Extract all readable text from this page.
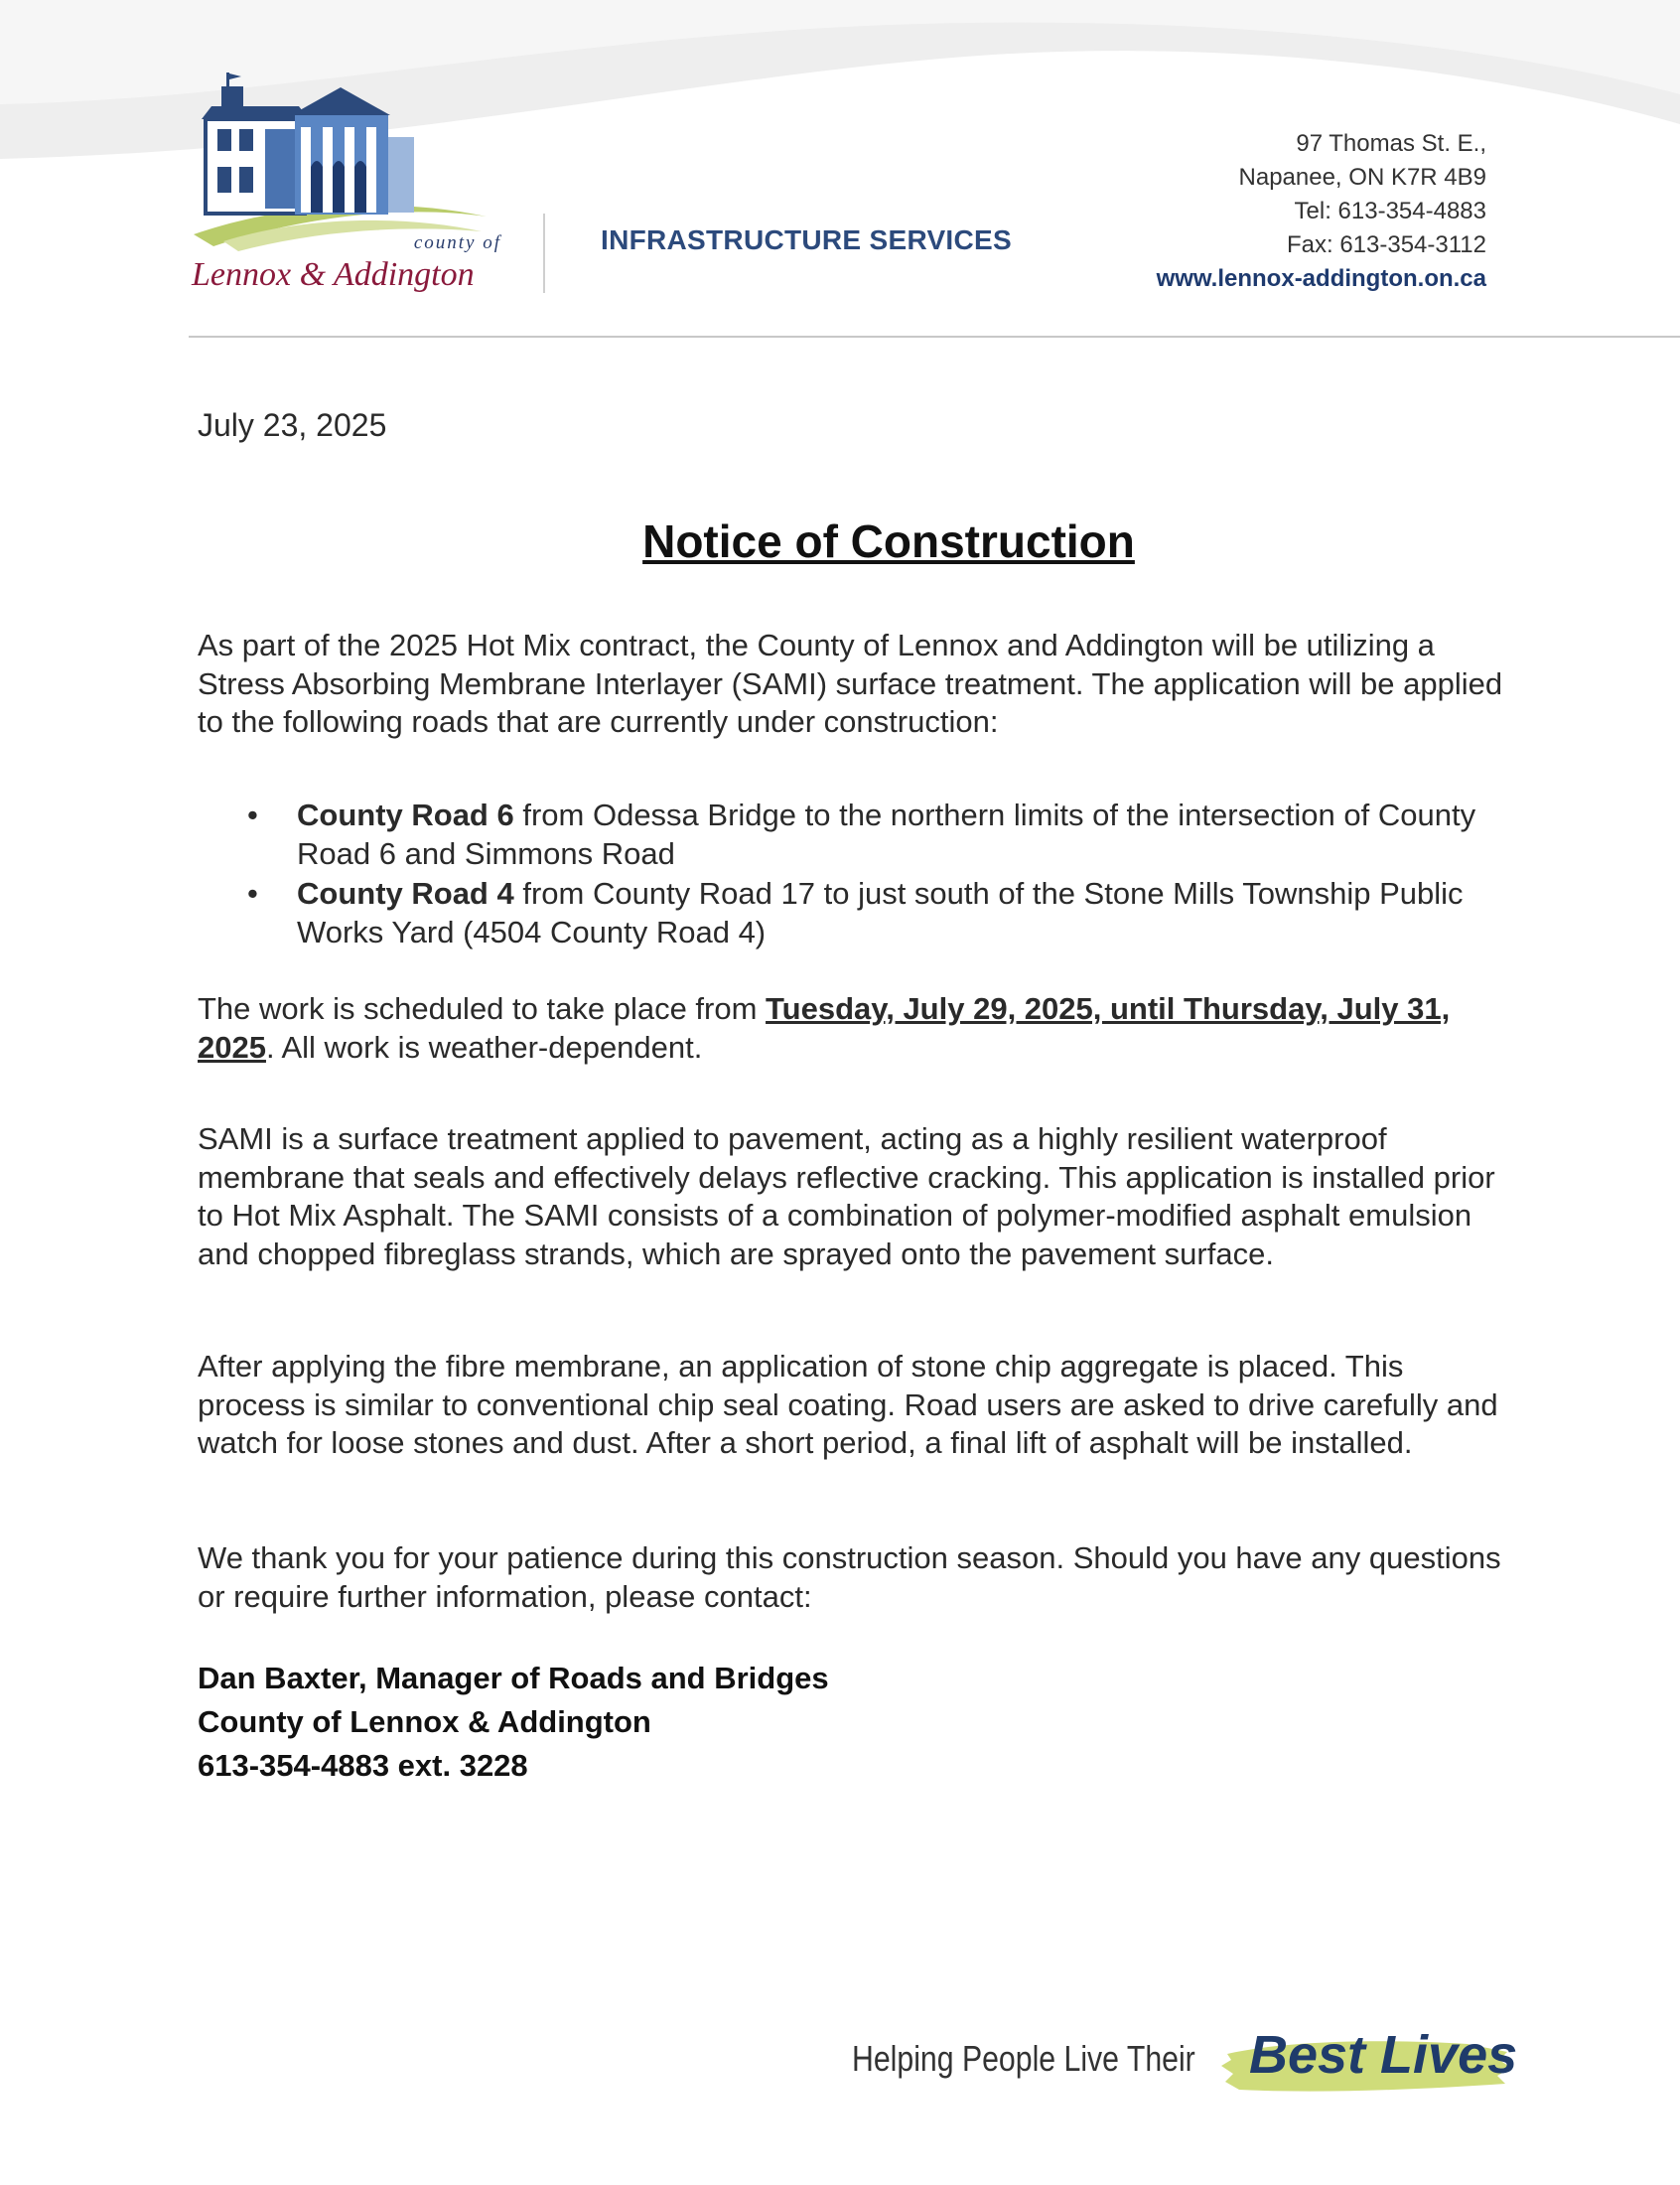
county of
Lennox & Addington
INFRASTRUCTURE SERVICES
97 Thomas St. E.,
Napanee, ON K7R 4B9
Tel: 613-354-4883
Fax: 613-354-3112
www.lennox-addington.on.ca
July 23, 2025
Notice of Construction
As part of the 2025 Hot Mix contract, the County of Lennox and Addington will be utilizing a Stress Absorbing Membrane Interlayer (SAMI) surface treatment. The application will be applied to the following roads that are currently under construction:
• County Road 6 from Odessa Bridge to the northern limits of the intersection of County Road 6 and Simmons Road
• County Road 4 from County Road 17 to just south of the Stone Mills Township Public Works Yard (4504 County Road 4)
The work is scheduled to take place from Tuesday, July 29, 2025, until Thursday, July 31, 2025. All work is weather-dependent.
SAMI is a surface treatment applied to pavement, acting as a highly resilient waterproof membrane that seals and effectively delays reflective cracking. This application is installed prior to Hot Mix Asphalt. The SAMI consists of a combination of polymer-modified asphalt emulsion and chopped fibreglass strands, which are sprayed onto the pavement surface.
After applying the fibre membrane, an application of stone chip aggregate is placed. This process is similar to conventional chip seal coating. Road users are asked to drive carefully and watch for loose stones and dust. After a short period, a final lift of asphalt will be installed.
We thank you for your patience during this construction season. Should you have any questions or require further information, please contact:
Dan Baxter, Manager of Roads and Bridges
County of Lennox & Addington
613-354-4883 ext. 3228
Helping People Live Their Best Lives
